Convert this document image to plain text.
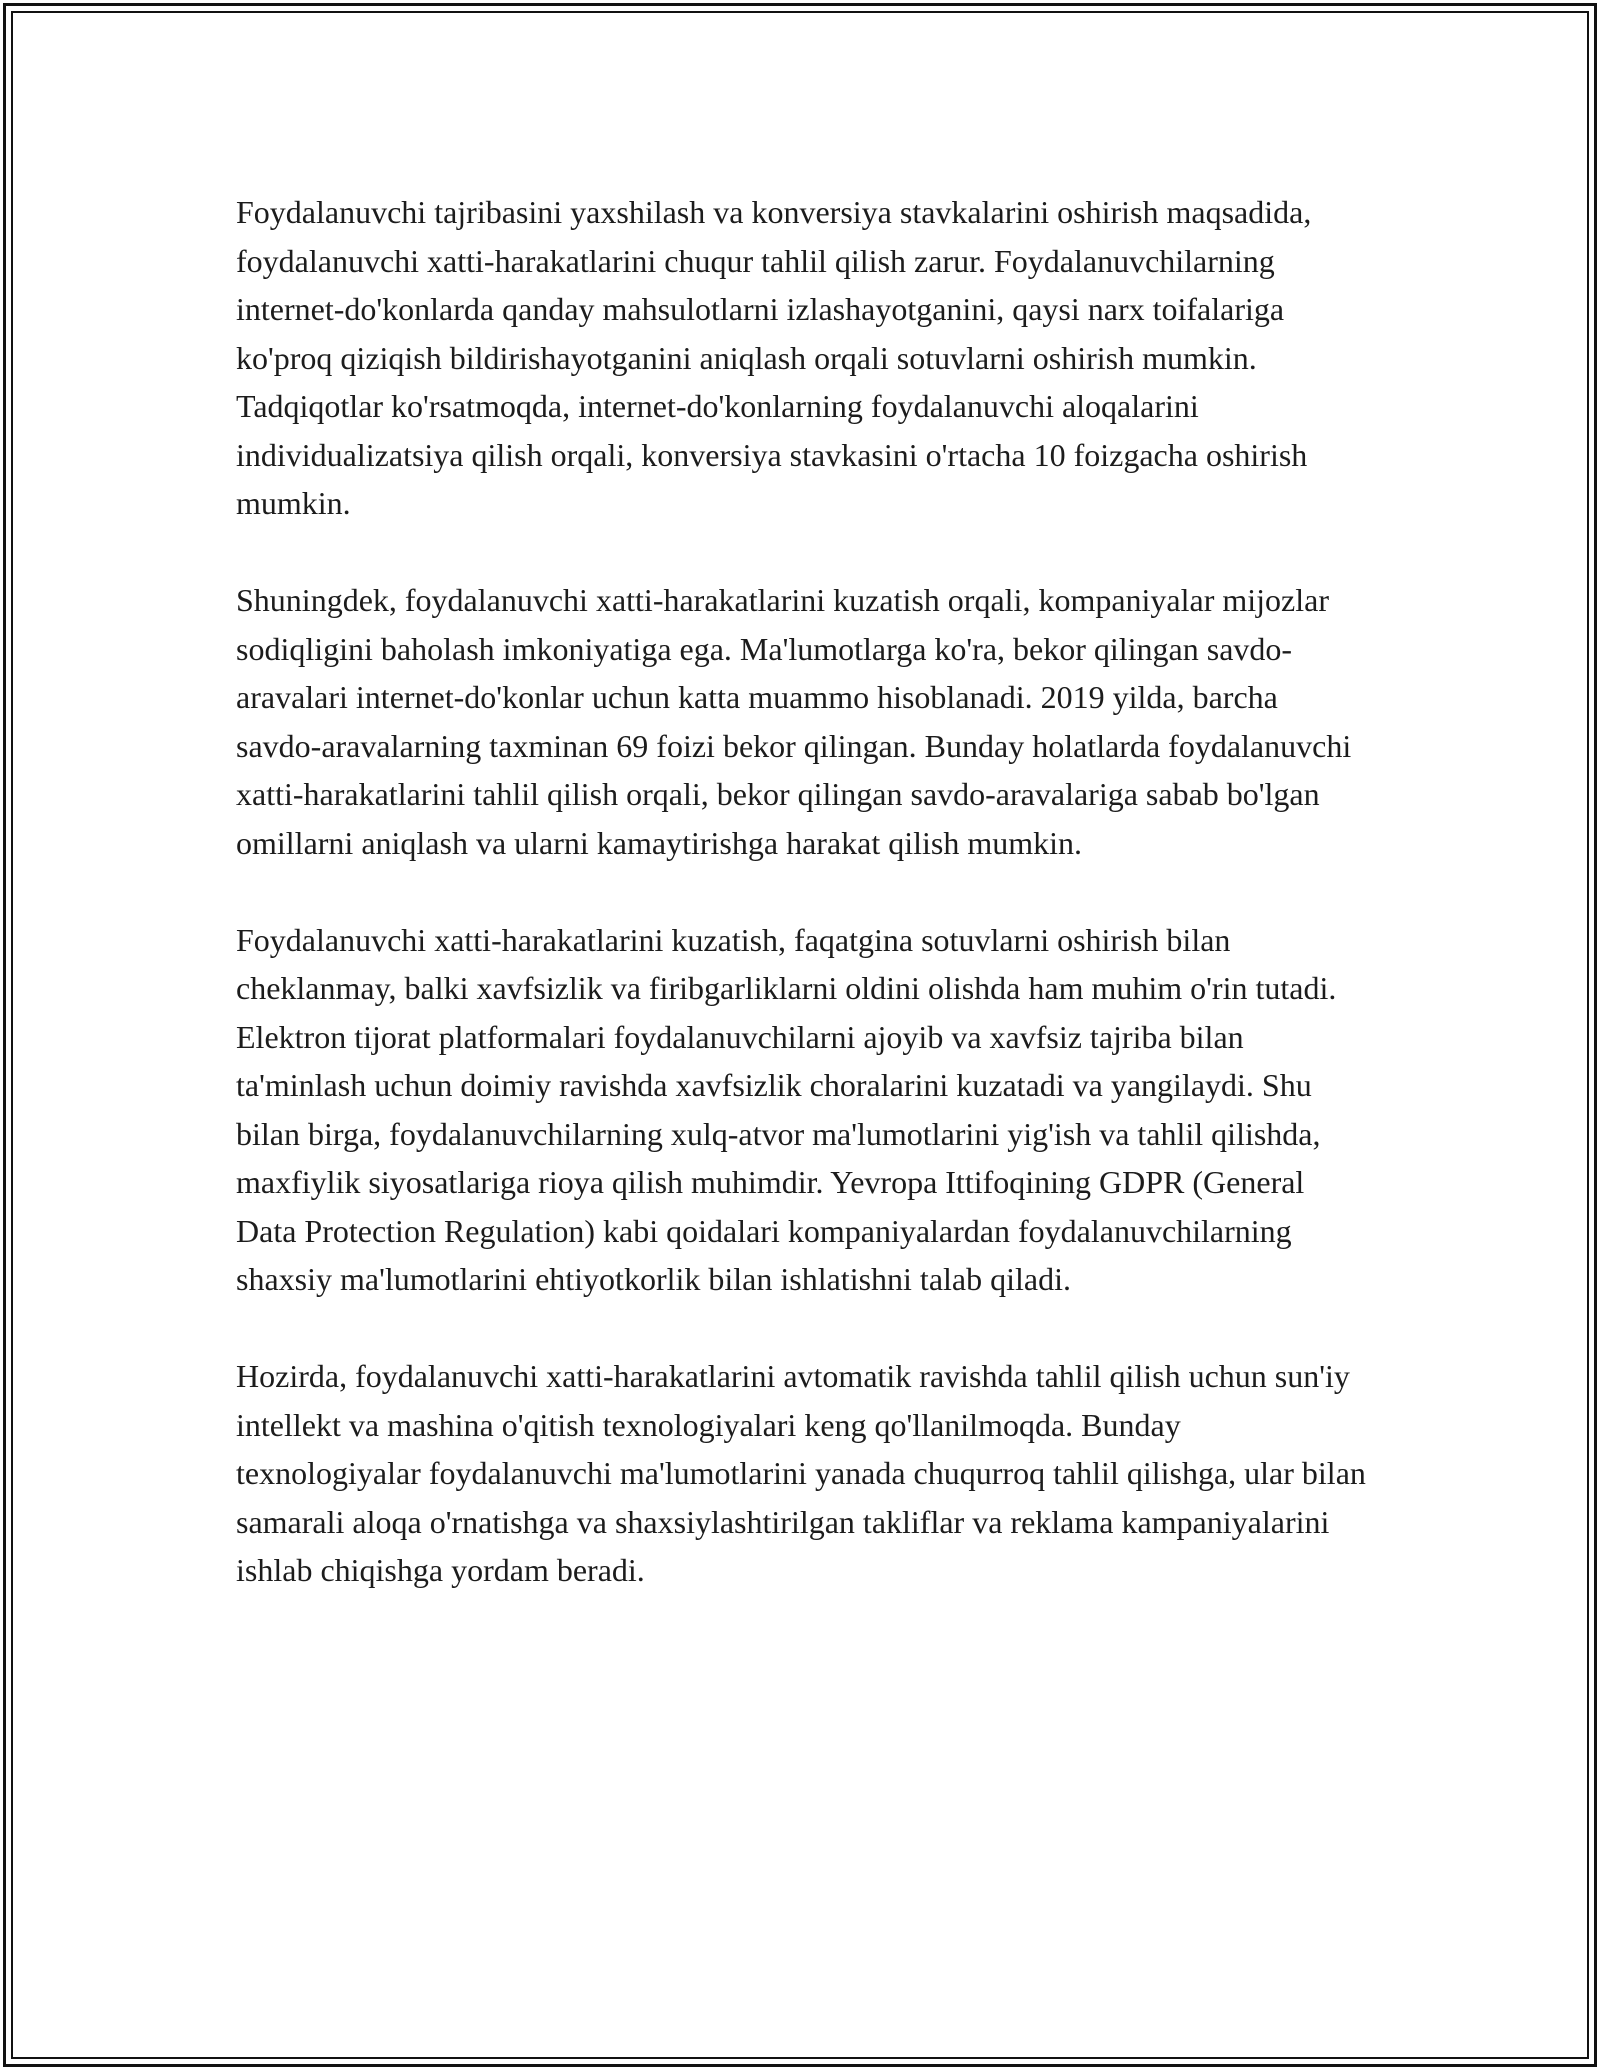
Foydalanuvchi tajribasini yaxshilash va konversiya stavkalarini oshirish maqsadida, foydalanuvchi xatti-harakatlarini chuqur tahlil qilish zarur. Foydalanuvchilarning internet-do'konlarda qanday mahsulotlarni izlashayotganini, qaysi narx toifalariga ko'proq qiziqish bildirishayotganini aniqlash orqali sotuvlarni oshirish mumkin. Tadqiqotlar ko'rsatmoqda, internet-do'konlarning foydalanuvchi aloqalarini individualizatsiya qilish orqali, konversiya stavkasini o'rtacha 10 foizgacha oshirish mumkin.

Shuningdek, foydalanuvchi xatti-harakatlarini kuzatish orqali, kompaniyalar mijozlar sodiqligini baholash imkoniyatiga ega. Ma'lumotlarga ko'ra, bekor qilingan savdo-aravalari internet-do'konlar uchun katta muammo hisoblanadi. 2019 yilda, barcha savdo-aravalarning taxminan 69 foizi bekor qilingan. Bunday holatlarda foydalanuvchi xatti-harakatlarini tahlil qilish orqali, bekor qilingan savdo-aravalariga sabab bo'lgan omillarni aniqlash va ularni kamaytirishga harakat qilish mumkin.

Foydalanuvchi xatti-harakatlarini kuzatish, faqatgina sotuvlarni oshirish bilan cheklanmay, balki xavfsizlik va firibgarliklarni oldini olishda ham muhim o'rin tutadi. Elektron tijorat platformalari foydalanuvchilarni ajoyib va xavfsiz tajriba bilan ta'minlash uchun doimiy ravishda xavfsizlik choralarini kuzatadi va yangilaydi. Shu bilan birga, foydalanuvchilarning xulq-atvor ma'lumotlarini yig'ish va tahlil qilishda, maxfiylik siyosatlariga rioya qilish muhimdir. Yevropa Ittifoqining GDPR (General Data Protection Regulation) kabi qoidalari kompaniyalardan foydalanuvchilarning shaxsiy ma'lumotlarini ehtiyotkorlik bilan ishlatishni talab qiladi.

Hozirda, foydalanuvchi xatti-harakatlarini avtomatik ravishda tahlil qilish uchun sun'iy intellekt va mashina o'qitish texnologiyalari keng qo'llanilmoqda. Bunday texnologiyalar foydalanuvchi ma'lumotlarini yanada chuqurroq tahlil qilishga, ular bilan samarali aloqa o'rnatishga va shaxsiylashtirilgan takliflar va reklama kampaniyalarini ishlab chiqishga yordam beradi.
